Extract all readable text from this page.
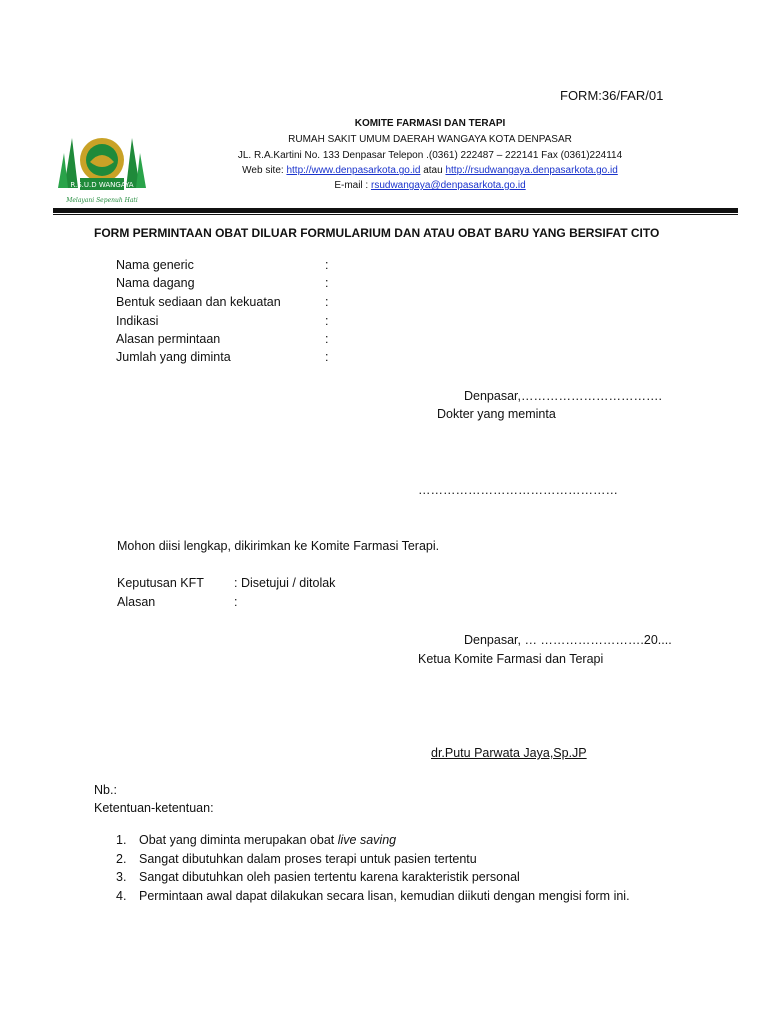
FORM:36/FAR/01
R.S.U.D WANGAYA
Melayani Sepenuh Hati
KOMITE FARMASI DAN TERAPI
RUMAH SAKIT UMUM DAERAH WANGAYA KOTA DENPASAR
JL. R.A.Kartini No. 133 Denpasar Telepon .(0361) 222487 – 222141 Fax (0361)224114
Web site: http://www.denpasarkota.go.id atau http://rsudwangaya.denpasarkota.go.id
E-mail : rsudwangaya@denpasarkota.go.id
FORM PERMINTAAN OBAT DILUAR FORMULARIUM DAN ATAU OBAT BARU YANG BERSIFAT CITO
Nama generic	:
Nama dagang	:
Bentuk sediaan dan kekuatan	:
Indikasi	:
Alasan permintaan	:
Jumlah yang diminta	:
Denpasar,…………………………….
Dokter yang meminta
…………………………………………
Mohon diisi lengkap, dikirimkan ke Komite Farmasi Terapi.
Keputusan KFT : Disetujui / ditolak
Alasan	:
Denpasar, … …………………….20....
Ketua Komite Farmasi dan Terapi
dr.Putu Parwata Jaya,Sp.JP
Nb.:
Ketentuan-ketentuan:
1. Obat yang diminta merupakan obat live saving
2. Sangat dibutuhkan dalam proses terapi untuk pasien tertentu
3. Sangat dibutuhkan oleh pasien tertentu karena karakteristik personal
4. Permintaan awal dapat dilakukan secara lisan, kemudian diikuti dengan mengisi form ini.
